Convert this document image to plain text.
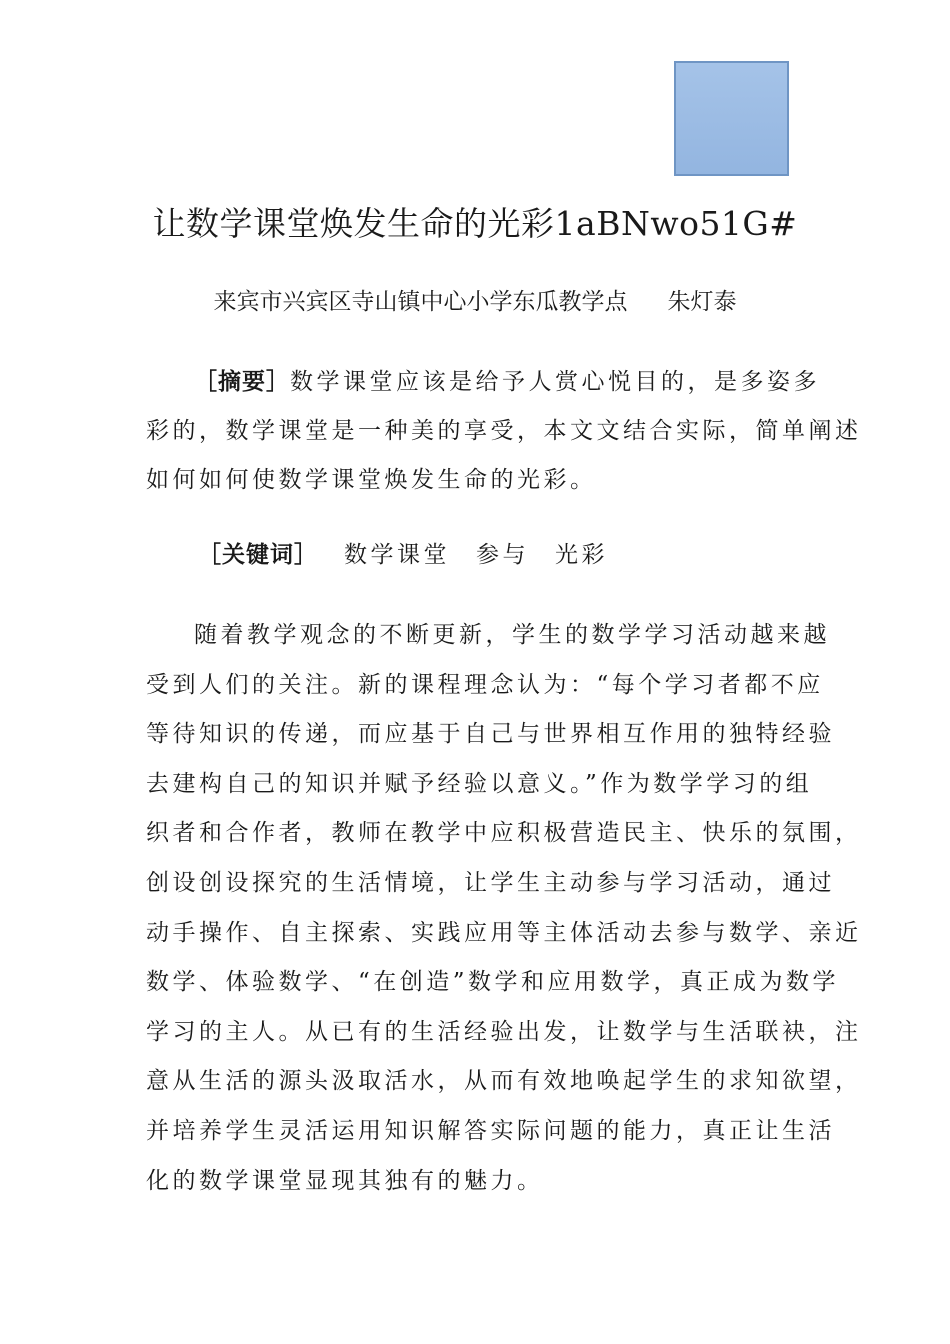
让数学课堂焕发生命的光彩1aBNwo51G#
来宾市兴宾区寺山镇中心小学东瓜教学点 朱灯泰
［摘要］数学课堂应该是给予人赏心悦目的，是多姿多
彩的，数学课堂是一种美的享受，本文文结合实际，简单阐述
如何如何使数学课堂焕发生命的光彩。
［关键词］ 数学课堂 参与 光彩
随着教学观念的不断更新，学生的数学学习活动越来越
受到人们的关注。新的课程理念认为：“每个学习者都不应
等待知识的传递，而应基于自己与世界相互作用的独特经验
去建构自己的知识并赋予经验以意义。”作为数学学习的组
织者和合作者，教师在教学中应积极营造民主、快乐的氛围，
创设创设探究的生活情境，让学生主动参与学习活动，通过
动手操作、自主探索、实践应用等主体活动去参与数学、亲近
数学、体验数学、“在创造”数学和应用数学，真正成为数学
学习的主人。从已有的生活经验出发，让数学与生活联袂，注
意从生活的源头汲取活水，从而有效地唤起学生的求知欲望，
并培养学生灵活运用知识解答实际问题的能力，真正让生活
化的数学课堂显现其独有的魅力。
